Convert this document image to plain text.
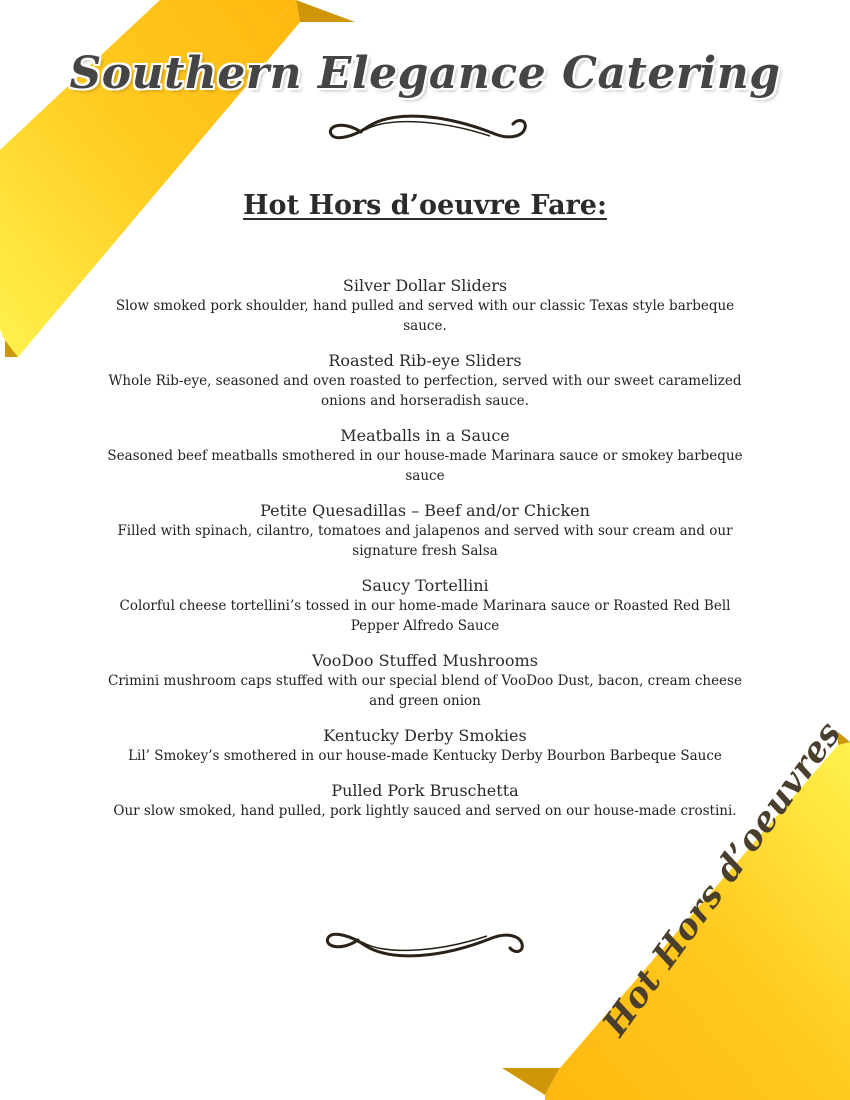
Southern Elegance Catering
Hot Hors d’oeuvre Fare:
Silver Dollar Sliders
Slow smoked pork shoulder, hand pulled and served with our classic Texas style barbeque sauce.
Roasted Rib-eye Sliders
Whole Rib-eye, seasoned and oven roasted to perfection, served with our sweet caramelized onions and horseradish sauce.
Meatballs in a Sauce
Seasoned beef meatballs smothered in our house-made Marinara sauce or smokey barbeque sauce
Petite Quesadillas – Beef and/or Chicken
Filled with spinach, cilantro, tomatoes and jalapenos and served with sour cream and our signature fresh Salsa
Saucy Tortellini
Colorful cheese tortellini’s tossed in our home-made Marinara sauce or Roasted Red Bell Pepper Alfredo Sauce
VooDoo Stuffed Mushrooms
Crimini mushroom caps stuffed with our special blend of VooDoo Dust, bacon, cream cheese and green onion
Kentucky Derby Smokies
Lil’ Smokey’s smothered in our house-made Kentucky Derby Bourbon Barbeque Sauce
Pulled Pork Bruschetta
Our slow smoked, hand pulled, pork lightly sauced and served on our house-made crostini.
Hot Hors d’oeuvres
